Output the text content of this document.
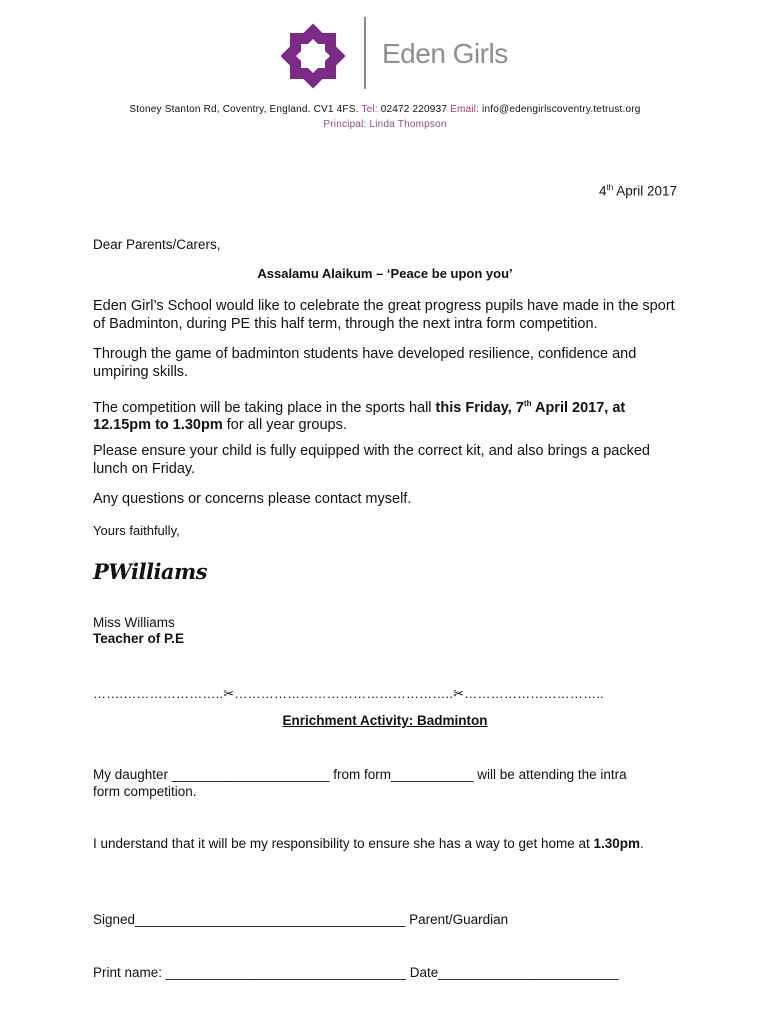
Eden Girls
Stoney Stanton Rd, Coventry, England. CV1 4FS. Tel: 02472 220937 Email: info@edengirlscoventry.tetrust.org
Principal: Linda Thompson
4th April 2017
Dear Parents/Carers,
Assalamu Alaikum – ‘Peace be upon you’
Eden Girl’s School would like to celebrate the great progress pupils have made in the sport of Badminton, during PE this half term, through the next intra form competition.
Through the game of badminton students have developed resilience, confidence and umpiring skills.
The competition will be taking place in the sports hall this Friday, 7th April 2017, at 12.15pm to 1.30pm for all year groups.
Please ensure your child is fully equipped with the correct kit, and also brings a packed lunch on Friday.
Any questions or concerns please contact myself.
Yours faithfully,
PWilliams
Miss Williams
Teacher of P.E
…….…………………..✂…………………………………………..✂…………………………..
Enrichment Activity: Badminton
My daughter _____________________ from form___________ will be attending the intra
form competition.
I understand that it will be my responsibility to ensure she has a way to get home at 1.30pm.
Signed____________________________________ Parent/Guardian
Print name: ________________________________ Date________________________
